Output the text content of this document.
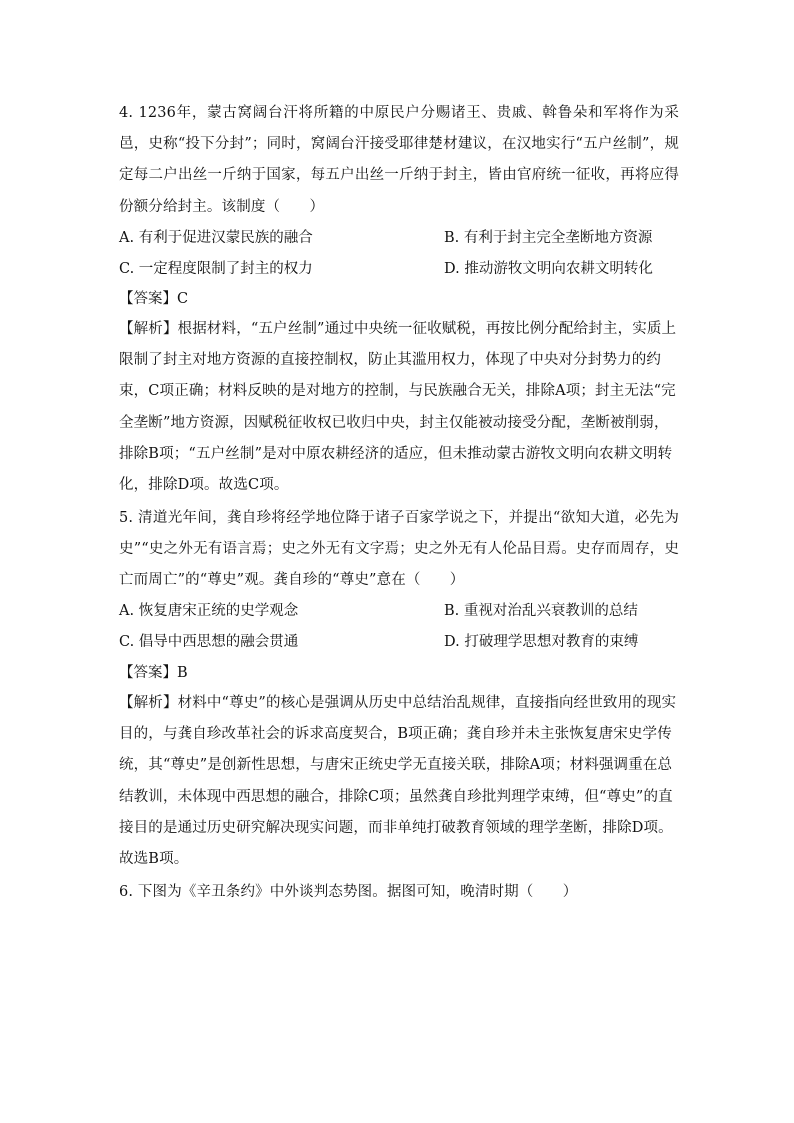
4. 1236年，蒙古窝阔台汗将所籍的中原民户分赐诸王、贵戚、斡鲁朵和军将作为采邑，史称“投下分封”；同时，窝阔台汗接受耶律楚材建议，在汉地实行“五户丝制”，规定每二户出丝一斤纳于国家，每五户出丝一斤纳于封主，皆由官府统一征收，再将应得份额分给封主。该制度（　　）
A. 有利于促进汉蒙民族的融合	B. 有利于封主完全垄断地方资源
C. 一定程度限制了封主的权力	D. 推动游牧文明向农耕文明转化
【答案】C
【解析】根据材料，“五户丝制”通过中央统一征收赋税，再按比例分配给封主，实质上限制了封主对地方资源的直接控制权，防止其滥用权力，体现了中央对分封势力的约束，C项正确；材料反映的是对地方的控制，与民族融合无关，排除A项；封主无法“完全垄断”地方资源，因赋税征收权已收归中央，封主仅能被动接受分配，垄断被削弱，排除B项；“五户丝制”是对中原农耕经济的适应，但未推动蒙古游牧文明向农耕文明转化，排除D项。故选C项。
5. 清道光年间，龚自珍将经学地位降于诸子百家学说之下，并提出“欲知大道，必先为史”“史之外无有语言焉；史之外无有文字焉；史之外无有人伦品目焉。史存而周存，史亡而周亡”的“尊史”观。龚自珍的“尊史”意在（　　）
A. 恢复唐宋正统的史学观念	B. 重视对治乱兴衰教训的总结
C. 倡导中西思想的融会贯通	D. 打破理学思想对教育的束缚
【答案】B
【解析】材料中“尊史”的核心是强调从历史中总结治乱规律，直接指向经世致用的现实目的，与龚自珍改革社会的诉求高度契合，B项正确；龚自珍并未主张恢复唐宋史学传统，其“尊史”是创新性思想，与唐宋正统史学无直接关联，排除A项；材料强调重在总结教训，未体现中西思想的融合，排除C项；虽然龚自珍批判理学束缚，但“尊史”的直接目的是通过历史研究解决现实问题，而非单纯打破教育领域的理学垄断，排除D项。故选B项。
6. 下图为《辛丑条约》中外谈判态势图。据图可知，晚清时期（　　）
